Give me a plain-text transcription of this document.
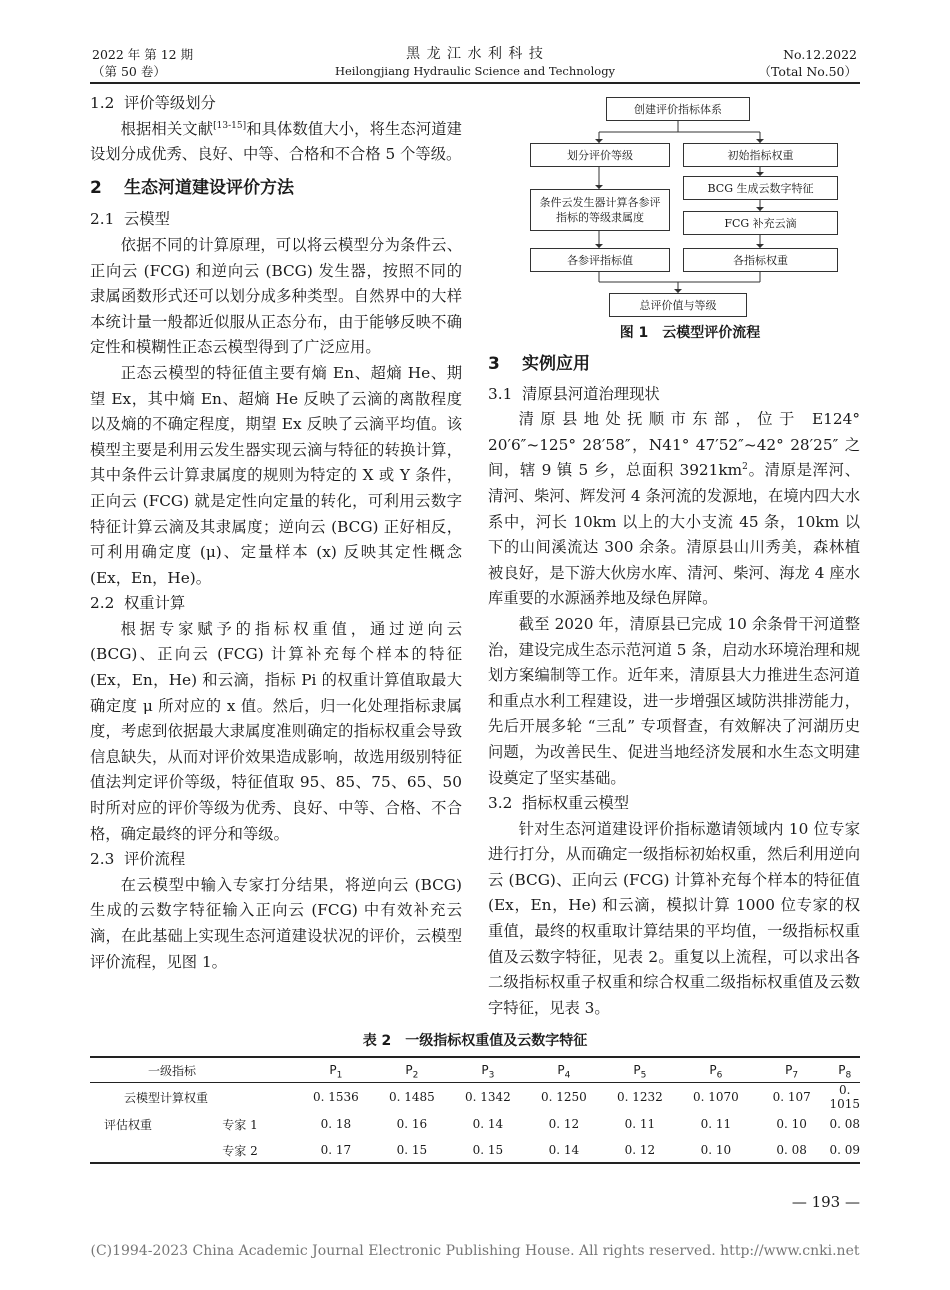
2022 年 第 12 期
（第 50 卷）
黑 龙 江 水 利 科 技
Heilongjiang Hydraulic Science and Technology
No.12.2022
（Total No.50）

1.2 评价等级划分

根据相关文献[13-15]和具体数值大小，将生态河道建设划分成优秀、良好、中等、合格和不合格 5 个等级。

2 生态河道建设评价方法

2.1 云模型

依据不同的计算原理，可以将云模型分为条件云、正向云 (FCG) 和逆向云 (BCG) 发生器，按照不同的隶属函数形式还可以划分成多种类型。自然界中的大样本统计量一般都近似服从正态分布，由于能够反映不确定性和模糊性正态云模型得到了广泛应用。

正态云模型的特征值主要有熵 En、超熵 He、期望 Ex，其中熵 En、超熵 He 反映了云滴的离散程度以及熵的不确定程度，期望 Ex 反映了云滴平均值。该模型主要是利用云发生器实现云滴与特征的转换计算，其中条件云计算隶属度的规则为特定的 X 或 Y 条件，正向云 (FCG) 就是定性向定量的转化，可利用云数字特征计算云滴及其隶属度；逆向云 (BCG) 正好相反，可利用确定度 (μ)、定量样本 (x) 反映其定性概念 (Ex，En，He)。

2.2 权重计算

根据专家赋予的指标权重值，通过逆向云 (BCG)、正向云 (FCG) 计算补充每个样本的特征 (Ex，En，He) 和云滴，指标 Pi 的权重计算值取最大确定度 μ 所对应的 x 值。然后，归一化处理指标隶属度，考虑到依据最大隶属度准则确定的指标权重会导致信息缺失，从而对评价效果造成影响，故选用级别特征值法判定评价等级，特征值取 95、85、75、65、50 时所对应的评价等级为优秀、良好、中等、合格、不合格，确定最终的评分和等级。

2.3 评价流程

在云模型中输入专家打分结果，将逆向云 (BCG) 生成的云数字特征输入正向云 (FCG) 中有效补充云滴，在此基础上实现生态河道建设状况的评价，云模型评价流程，见图 1。

创建评价指标体系
划分评价等级	初始指标权重
BCG 生成云数字特征
条件云发生器计算各参评指标的等级隶属度	FCG 补充云滴
各参评指标值	各指标权重
总评价值与等级
图 1　云模型评价流程

3 实例应用

3.1 清原县河道治理现状

清原县地处抚顺市东部，位于 E124° 20′6″~125° 28′58″，N41° 47′52″~42° 28′25″ 之间，辖 9 镇 5 乡，总面积 $3921km^2$。清原是浑河、清河、柴河、辉发河 4 条河流的发源地，在境内四大水系中，河长 10km 以上的大小支流 45 条，10km 以下的山间溪流达 300 余条。清原县山川秀美，森林植被良好，是下游大伙房水库、清河、柴河、海龙 4 座水库重要的水源涵养地及绿色屏障。

截至 2020 年，清原县已完成 10 余条骨干河道整治，建设完成生态示范河道 5 条，启动水环境治理和规划方案编制等工作。近年来，清原县大力推进生态河道和重点水利工程建设，进一步增强区域防洪排涝能力，先后开展多轮 “三乱” 专项督查，有效解决了河湖历史问题，为改善民生、促进当地经济发展和水生态文明建设奠定了坚实基础。

3.2 指标权重云模型

针对生态河道建设评价指标邀请领域内 10 位专家进行打分，从而确定一级指标初始权重，然后利用逆向云 (BCG)、正向云 (FCG) 计算补充每个样本的特征值 (Ex，En，He) 和云滴，模拟计算 1000 位专家的权重值，最终的权重取计算结果的平均值，一级指标权重值及云数字特征，见表 2。重复以上流程，可以求出各二级指标权重子权重和综合权重二级指标权重值及云数字特征，见表 3。

表 2　一级指标权重值及云数字特征
一级指标		$P_1$	$P_2$	$P_3$	$P_4$	$P_5$	$P_6$	$P_7$	$P_8$
云模型计算权重		0. 1536	0. 1485	0. 1342	0. 1250	0. 1232	0. 1070	0. 107	0. 1015
评估权重	专家 1	0. 18	0. 16	0. 14	0. 12	0. 11	0. 11	0. 10	0. 08
	专家 2	0. 17	0. 15	0. 15	0. 14	0. 12	0. 10	0. 08	0. 09
— 193 —
(C)1994-2023 China Academic Journal Electronic Publishing House. All rights reserved. http://www.cnki.net
